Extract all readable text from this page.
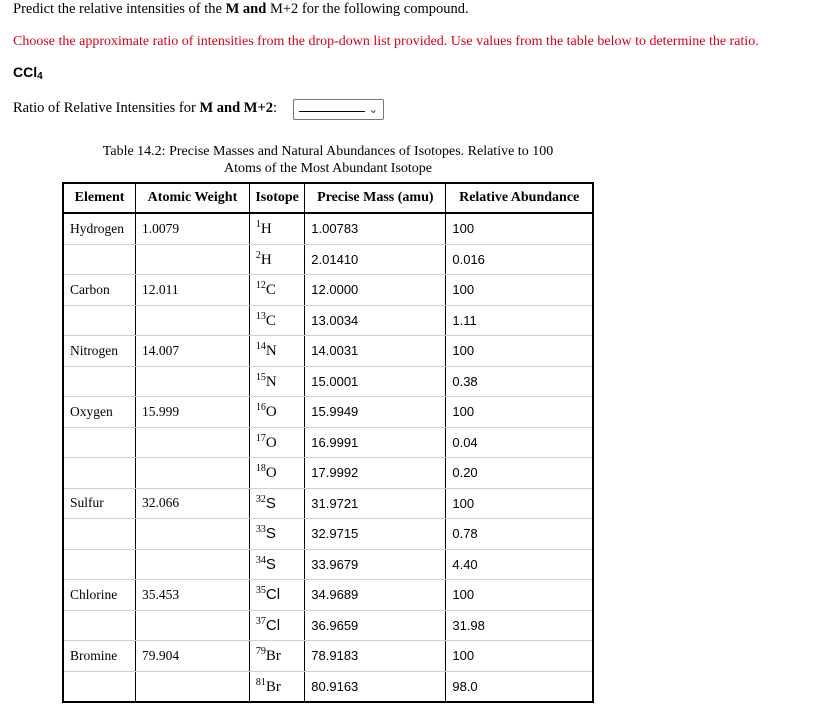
Predict the relative intensities of the M and M+2 for the following compound.
Choose the approximate ratio of intensities from the drop-down list provided. Use values from the table below to determine the ratio.
CCl$_4$
Ratio of Relative Intensities for M and M+2:	⌄
Table 14.2: Precise Masses and Natural Abundances of Isotopes. Relative to 100 Atoms of the Most Abundant Isotope
Element	Atomic Weight	Isotope	Precise Mass (amu)	Relative Abundance
Hydrogen	1.0079	$^1$H	1.00783	100
		$^2$H	2.01410	0.016
Carbon	12.011	$^{12}$C	12.0000	100
		$^{13}$C	13.0034	1.11
Nitrogen	14.007	$^{14}$N	14.0031	100
		$^{15}$N	15.0001	0.38
Oxygen	15.999	$^{16}$O	15.9949	100
		$^{17}$O	16.9991	0.04
		$^{18}$O	17.9992	0.20
Sulfur	32.066	$^{32}$S	31.9721	100
		$^{33}$S	32.9715	0.78
		$^{34}$S	33.9679	4.40
Chlorine	35.453	$^{35}$Cl	34.9689	100
		$^{37}$Cl	36.9659	31.98
Bromine	79.904	$^{79}$Br	78.9183	100
		$^{81}$Br	80.9163	98.0
